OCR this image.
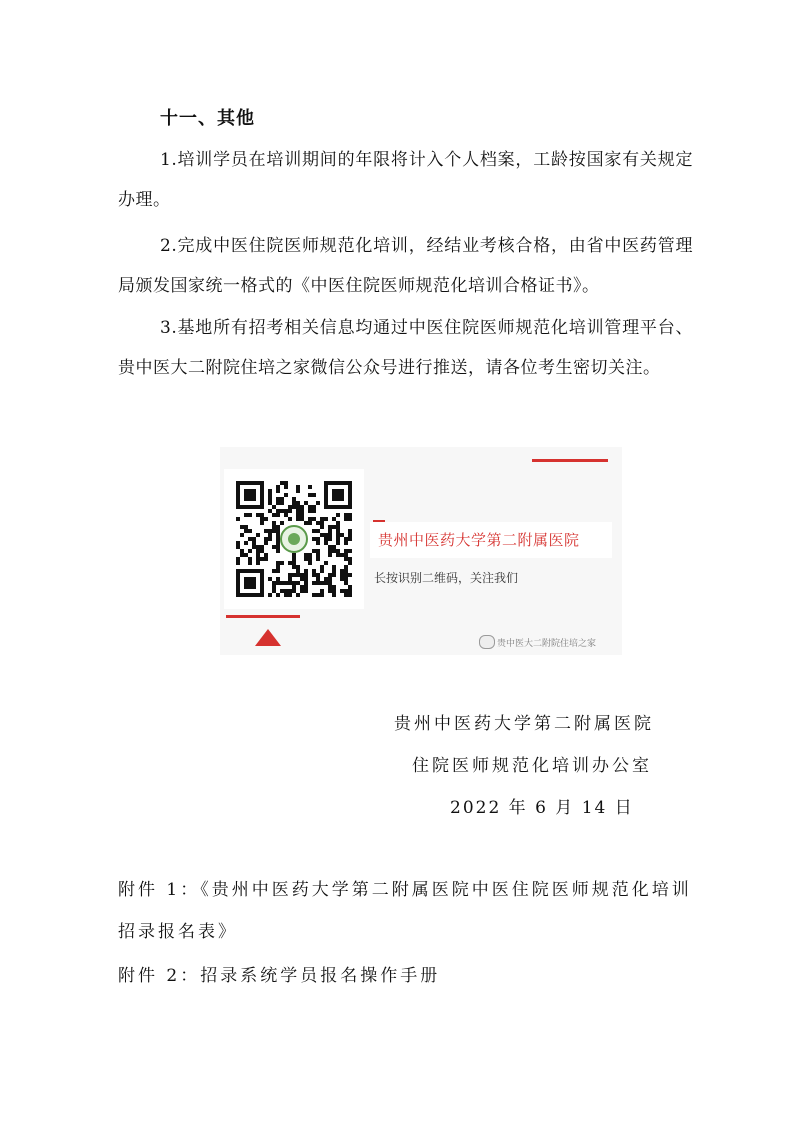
十一、其他

1.培训学员在培训期间的年限将计入个人档案，工龄按国家有关规定办理。

2.完成中医住院医师规范化培训，经结业考核合格，由省中医药管理局颁发国家统一格式的《中医住院医师规范化培训合格证书》。

3.基地所有招考相关信息均通过中医住院医师规范化培训管理平台、贵中医大二附院住培之家微信公众号进行推送，请各位考生密切关注。

贵州中医药大学第二附属医院
长按识别二维码，关注我们
贵中医大二附院住培之家
贵州中医药大学第二附属医院
住院医师规范化培训办公室
2022 年 6 月 14 日

附件 1：《贵州中医药大学第二附属医院中医住院医师规范化培训招录报名表》

附件 2：招录系统学员报名操作手册
